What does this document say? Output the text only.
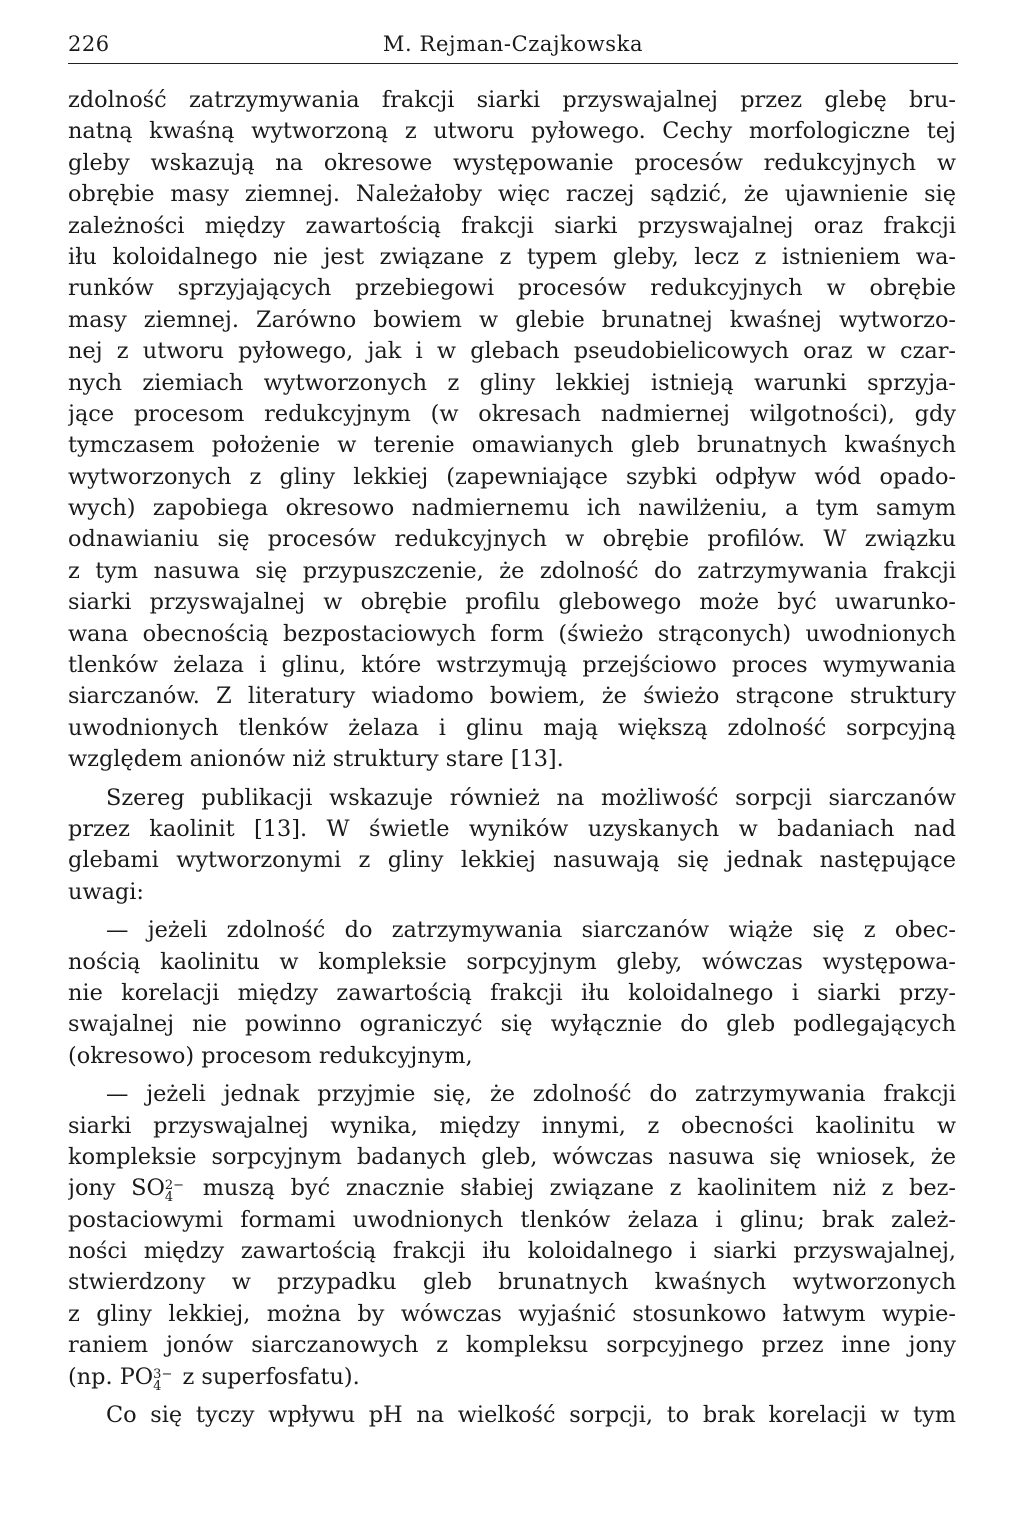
226	M. Rejman-Czajkowska
zdolność zatrzymywania frakcji siarki przyswajalnej przez glebę bru-
natną kwaśną wytworzoną z utworu pyłowego. Cechy morfologiczne tej
gleby wskazują na okresowe występowanie procesów redukcyjnych w
obrębie masy ziemnej. Należałoby więc raczej sądzić, że ujawnienie się
zależności między zawartością frakcji siarki przyswajalnej oraz frakcji
iłu koloidalnego nie jest związane z typem gleby, lecz z istnieniem wa-
runków sprzyjających przebiegowi procesów redukcyjnych w obrębie
masy ziemnej. Zarówno bowiem w glebie brunatnej kwaśnej wytworzo-
nej z utworu pyłowego, jak i w glebach pseudobielicowych oraz w czar-
nych ziemiach wytworzonych z gliny lekkiej istnieją warunki sprzyja-
jące procesom redukcyjnym (w okresach nadmiernej wilgotności), gdy
tymczasem położenie w terenie omawianych gleb brunatnych kwaśnych
wytworzonych z gliny lekkiej (zapewniające szybki odpływ wód opado-
wych) zapobiega okresowo nadmiernemu ich nawilżeniu, a tym samym
odnawianiu się procesów redukcyjnych w obrębie profilów. W związku
z tym nasuwa się przypuszczenie, że zdolność do zatrzymywania frakcji
siarki przyswajalnej w obrębie profilu glebowego może być uwarunko-
wana obecnością bezpostaciowych form (świeżo strąconych) uwodnionych
tlenków żelaza i glinu, które wstrzymują przejściowo proces wymywania
siarczanów. Z literatury wiadomo bowiem, że świeżo strącone struktury
uwodnionych tlenków żelaza i glinu mają większą zdolność sorpcyjną
względem anionów niż struktury stare [13].
Szereg publikacji wskazuje również na możliwość sorpcji siarczanów
przez kaolinit [13]. W świetle wyników uzyskanych w badaniach nad
glebami wytworzonymi z gliny lekkiej nasuwają się jednak następujące
uwagi:
— jeżeli zdolność do zatrzymywania siarczanów wiąże się z obec-
nością kaolinitu w kompleksie sorpcyjnym gleby, wówczas występowa-
nie korelacji między zawartością frakcji iłu koloidalnego i siarki przy-
swajalnej nie powinno ograniczyć się wyłącznie do gleb podlegających
(okresowo) procesom redukcyjnym,
— jeżeli jednak przyjmie się, że zdolność do zatrzymywania frakcji
siarki przyswajalnej wynika, między innymi, z obecności kaolinitu w
kompleksie sorpcyjnym badanych gleb, wówczas nasuwa się wniosek, że
jony SO 2−
4 muszą być znacznie słabiej związane z kaolinitem niż z bez-
postaciowymi formami uwodnionych tlenków żelaza i glinu; brak zależ-
ności między zawartością frakcji iłu koloidalnego i siarki przyswajalnej,
stwierdzony w przypadku gleb brunatnych kwaśnych wytworzonych
z gliny lekkiej, można by wówczas wyjaśnić stosunkowo łatwym wypie-
raniem jonów siarczanowych z kompleksu sorpcyjnego przez inne jony
(np. PO 3−
4 z superfosfatu).
Co się tyczy wpływu pH na wielkość sorpcji, to brak korelacji w tym
